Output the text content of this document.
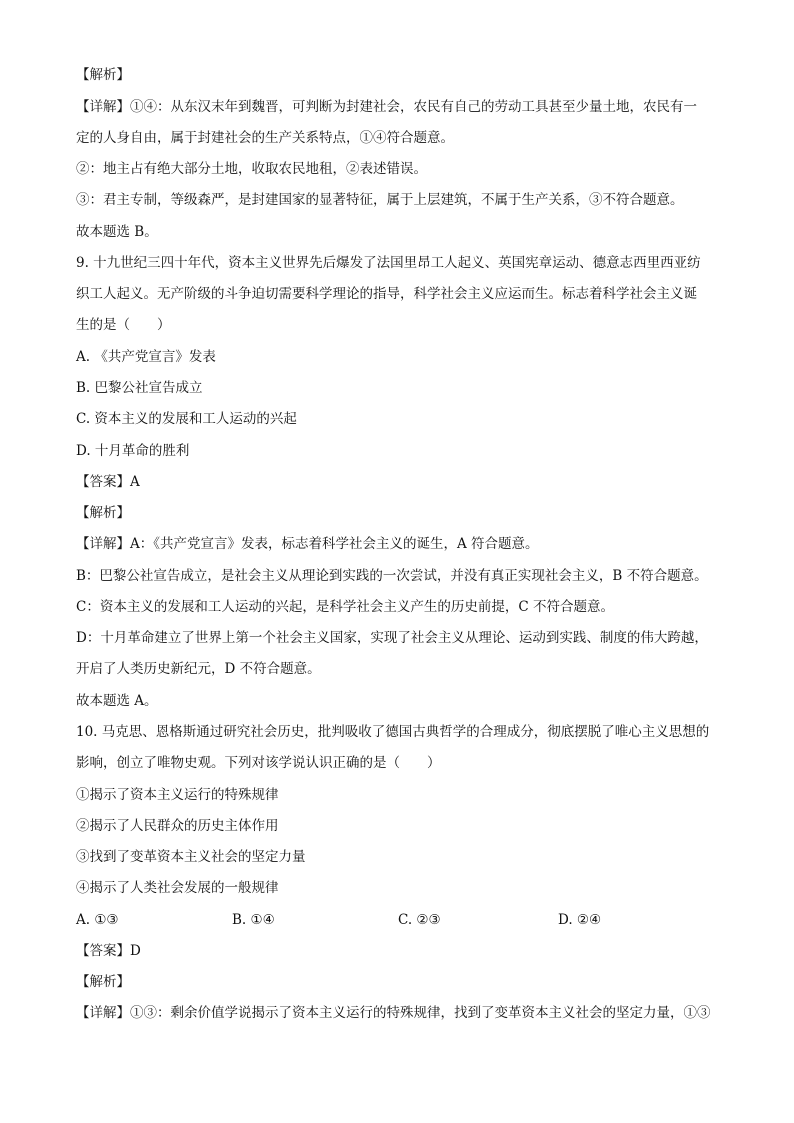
【解析】
【详解】①④：从东汉末年到魏晋，可判断为封建社会，农民有自己的劳动工具甚至少量土地，农民有一
定的人身自由，属于封建社会的生产关系特点，①④符合题意。
②：地主占有绝大部分土地，收取农民地租，②表述错误。
③：君主专制，等级森严，是封建国家的显著特征，属于上层建筑，不属于生产关系，③不符合题意。
故本题选 B。
9. 十九世纪三四十年代，资本主义世界先后爆发了法国里昂工人起义、英国宪章运动、德意志西里西亚纺
织工人起义。无产阶级的斗争迫切需要科学理论的指导，科学社会主义应运而生。标志着科学社会主义诞
生的是（　　）
A. 《共产党宣言》发表
B. 巴黎公社宣告成立
C. 资本主义的发展和工人运动的兴起
D. 十月革命的胜利
【答案】A
【解析】
【详解】A：《共产党宣言》发表，标志着科学社会主义的诞生，A 符合题意。
B：巴黎公社宣告成立，是社会主义从理论到实践的一次尝试，并没有真正实现社会主义，B 不符合题意。
C：资本主义的发展和工人运动的兴起，是科学社会主义产生的历史前提，C 不符合题意。
D：十月革命建立了世界上第一个社会主义国家，实现了社会主义从理论、运动到实践、制度的伟大跨越，
开启了人类历史新纪元，D 不符合题意。
故本题选 A。
10. 马克思、恩格斯通过研究社会历史，批判吸收了德国古典哲学的合理成分，彻底摆脱了唯心主义思想的
影响，创立了唯物史观。下列对该学说认识正确的是（　　）
①揭示了资本主义运行的特殊规律
②揭示了人民群众的历史主体作用
③找到了变革资本主义社会的坚定力量
④揭示了人类社会发展的一般规律
A. ①③	B. ①④	C. ②③	D. ②④
【答案】D
【解析】
【详解】①③：剩余价值学说揭示了资本主义运行的特殊规律，找到了变革资本主义社会的坚定力量，①③
